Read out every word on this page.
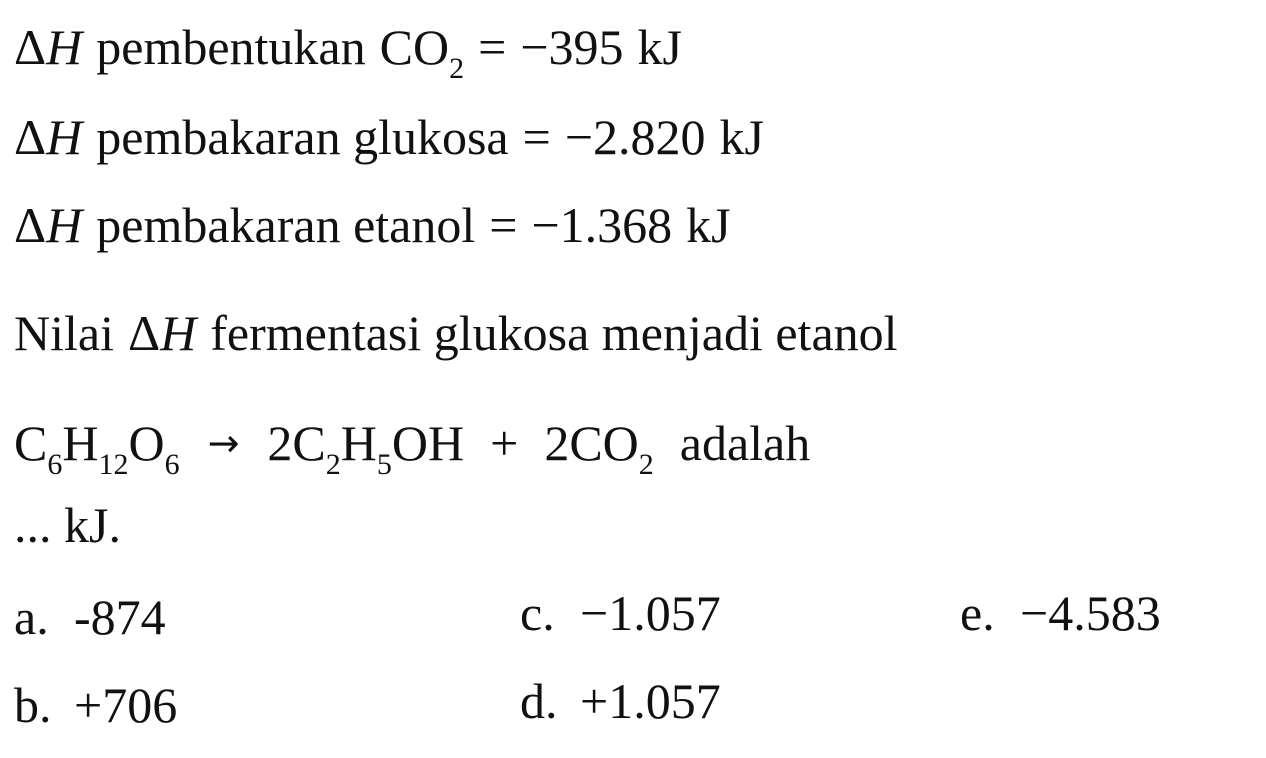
ΔH pembentukan $CO_2 = -395$ kJ
ΔH pembakaran glukosa = −2.820 kJ
ΔH pembakaran etanol = −1.368 kJ
Nilai ΔH fermentasi glukosa menjadi etanol
$C_6H_{12}O_6 \to 2C_2H_5OH + 2CO_2$ adalah
... kJ.
a. -874
b. +706
c. −1.057
d. +1.057
e. −4.583
